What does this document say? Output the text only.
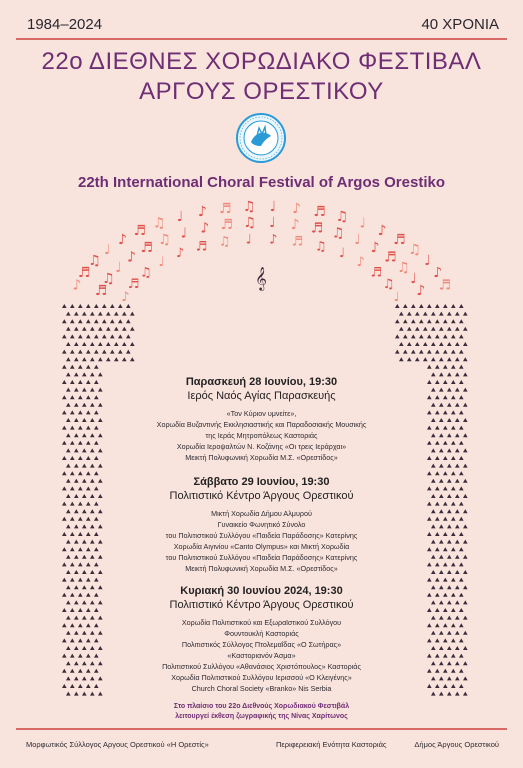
1984–2024	40 ΧΡΟΝΙΑ
22ο ΔΙΕΘΝΕΣ ΧΟΡΩΔΙΑΚΟ ΦΕΣΤΙΒΑΛ
ΑΡΓΟΥΣ ΟΡΕΣΤΙΚΟΥ
22th International Choral Festival of Argos Orestiko
♪
♬
♫
♩
♪
♬ ♫ ♩ ♪ ♬ ♫ ♩ ♪ ♬ ♫ ♩ ♪
♬
♫
♩
♪
♬
♬
♫
♩
♪
♬ ♫ ♩ ♪ ♬ ♫ ♩ ♪ ♬ ♫ ♩ ♪
♬
♫
♩
♪
♪
♬
♫
♩
♪ ♬ ♫ ♩ ♪ ♬ ♫ ♩
♪
♬
♫
♩
𝄞
Παρασκευή 28 Ιουνίου, 19:30
Ιερός Ναός Αγίας Παρασκευής
«Τον Κύριον υμνείτε»,
Χορωδία Βυζαντινής Εκκλησιαστικής και Παραδοσιακής Μουσικής
της Ιεράς Μητροπόλεως Καστοριάς
Χορωδία Ιεροψαλτών Ν. Κοζάνης «Οι τρεις Ιεράρχαι»
Μεικτή Πολυφωνική Χορωδία Μ.Σ. «Ορεστίδος»
Σάββατο 29 Ιουνίου, 19:30
Πολιτιστικό Κέντρο Άργους Ορεστικού
Μικτή Χορωδία Δήμου Αλμυρού
Γυναικείο Φωνητικό Σύνολο
του Πολιτιστικού Συλλόγου «Παιδεία Παράδοσης» Κατερίνης
Χορωδία Αιγινίου «Canto Olympus» και Μικτή Χορωδία
του Πολιτιστικού Συλλόγου «Παιδεία Παράδοσης» Κατερίνης
Μεικτή Πολυφωνική Χορωδία Μ.Σ. «Ορεστίδος»
Κυριακή 30 Ιουνίου 2024, 19:30
Πολιτιστικό Κέντρο Άργους Ορεστικού
Χορωδία Πολιτιστικού και Εξωραϊστικού Συλλόγου
Φουντουκλή Καστοριάς
Πολιτιστικός Σύλλογος Πτολεμαΐδας «Ο Σωτήρας»
«Καστοριανόν Άσμα»
Πολιτιστικού Συλλόγου «Αθανάσιος Χριστόπουλος» Καστοριάς
Χορωδία Πολιτιστικού Συλλόγου Ιερισσού «Ο Κλειγένης»
Church Choral Society «Branko» Nis Serbia
Στο πλαίσιο του 22ο Διεθνούς Χορωδιακού Φεστιβάλ
λειτουργεί έκθεση ζωγραφικής της Νίνας Χαρίτωνος
Μορφωτικός Σύλλογος Αργους Ορεστικού «Η Ορεστίς»	Περιφερειακή Ενότητα Καστοριάς	Δήμος Άργους Ορεστικού
